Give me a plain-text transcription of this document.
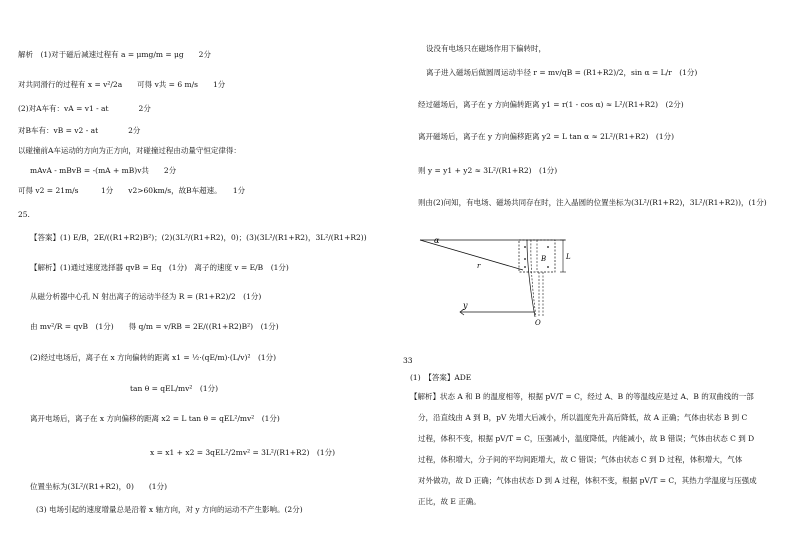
解析　(1)对于磁后减速过程有 a = μmg/m = μg　　2分
对共同滑行的过程有 x = v²/2a　　可得 v共 = 6 m/s　　1分
(2)对A车有：vA = v1 - at　　　　2分
对B车有：vB = v2 - at　　　　2分
以碰撞前A车运动的方向为正方向，对碰撞过程由动量守恒定律得：
mAvA - mBvB = -(mA + mB)v共　　2分
可得 v2 = 21m/s　　　1分　　v2>60km/s，故B车超速。　　1分
25.
【答案】(1) E/B，2E/((R1+R2)B²)；(2)(3L²/(R1+R2)，0)；(3)(3L²/(R1+R2)，3L²/(R1+R2))
【解析】(1)通过速度选择器 qvB = Eq　(1分)　离子的速度 v = E/B　(1分)
从磁分析器中心孔 N 射出离子的运动半径为 R = (R1+R2)/2　(1分)
由 mv²/R = qvB　(1分)　　得 q/m = v/RB = 2E/((R1+R2)B²)　(1分)
(2)经过电场后，离子在 x 方向偏转的距离 x1 = ½·(qE/m)·(L/v)²　(1分)
tan θ = qEL/mv²　(1分)
离开电场后，离子在 x 方向偏移的距离 x2 = L tan θ = qEL²/mv²　(1分)
x = x1 + x2 = 3qEL²/2mv² = 3L²/(R1+R2)　(1分)
位置坐标为(3L²/(R1+R2)，0)　　(1分)
(3) 电场引起的速度增量总是沿着 x 轴方向，对 y 方向的运动不产生影响。(2分)
设没有电场只在磁场作用下偏转时，
离子进入磁场后做圆周运动半径 r = mv/qB = (R1+R2)/2，sin α = L/r　(1分)
经过磁场后，离子在 y 方向偏转距离 y1 = r(1 - cos α) ≈ L²/(R1+R2)　(2分)
离开磁场后，离子在 y 方向偏移距离 y2 = L tan α ≈ 2L²/(R1+R2)　(1分)
则 y = y1 + y2 ≈ 3L²/(R1+R2)　(1分)
则由(2)问知，有电场、磁场共同存在时，注入晶圆的位置坐标为(3L²/(R1+R2)，3L²/(R1+R2))，(1分)
33
(1)　【答案】ADE
【解析】状态 A 和 B 的温度相等，根据 pV/T = C，经过 A、B 的等温线应是过 A、B 的双曲线的一部
分，沿直线由 A 到 B，pV 先增大后减小，所以温度先升高后降低，故 A 正确；气体由状态 B 到 C
过程，体积不变，根据 pV/T = C，压强减小，温度降低，内能减小，故 B 错误；气体由状态 C 到 D
过程，体积增大，分子间的平均间距增大，故 C 错误；气体由状态 C 到 D 过程，体积增大，气体
对外做功，故 D 正确；气体由状态 D 到 A 过程，体积不变，根据 pV/T = C，其热力学温度与压强成
正比，故 E 正确。
α
r
B	L
y
O
